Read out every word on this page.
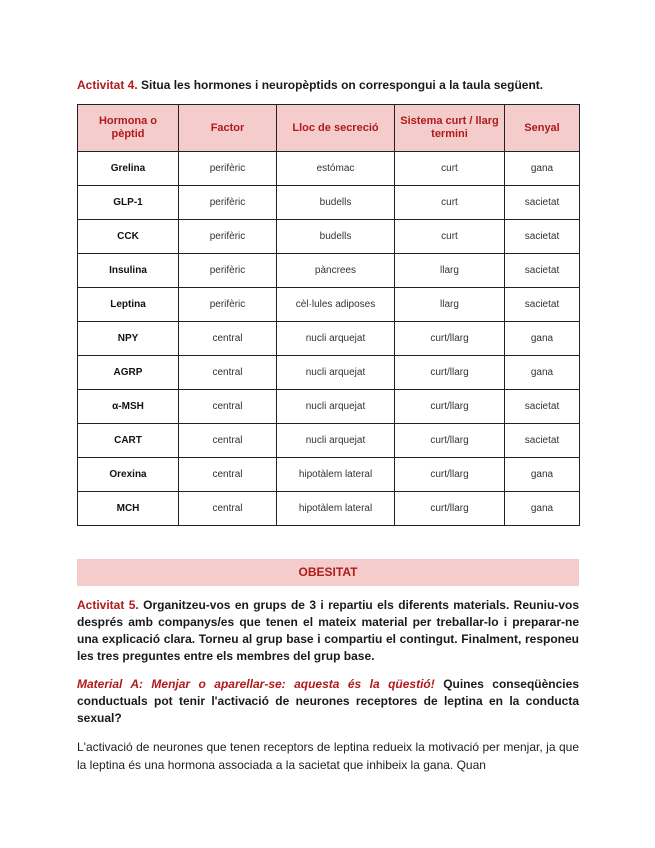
Activitat 4. Situa les hormones i neuropèptids on correspongui a la taula següent.
Hormona o pèptid	Factor	Lloc de secreció	Sistema curt / llarg termini	Senyal
Grelina	perifèric	estómac	curt	gana
GLP-1	perifèric	budells	curt	sacietat
CCK	perifèric	budells	curt	sacietat
Insulina	perifèric	pàncrees	llarg	sacietat
Leptina	perifèric	cèl·lules adiposes	llarg	sacietat
NPY	central	nucli arquejat	curt/llarg	gana
AGRP	central	nucli arquejat	curt/llarg	gana
α-MSH	central	nucli arquejat	curt/llarg	sacietat
CART	central	nucli arquejat	curt/llarg	sacietat
Orexina	central	hipotàlem lateral	curt/llarg	gana
MCH	central	hipotàlem lateral	curt/llarg	gana
OBESITAT
Activitat 5. Organitzeu-vos en grups de 3 i repartiu els diferents materials. Reuniu-vos després amb companys/es que tenen el mateix material per treballar-lo i preparar-ne una explicació clara. Torneu al grup base i compartiu el contingut. Finalment, responeu les tres preguntes entre els membres del grup base.
Material A: Menjar o aparellar-se: aquesta és la qüestió! Quines conseqüències conductuals pot tenir l'activació de neurones receptores de leptina en la conducta sexual?
L'activació de neurones que tenen receptors de leptina redueix la motivació per menjar, ja que la leptina és una hormona associada a la sacietat que inhibeix la gana. Quan
